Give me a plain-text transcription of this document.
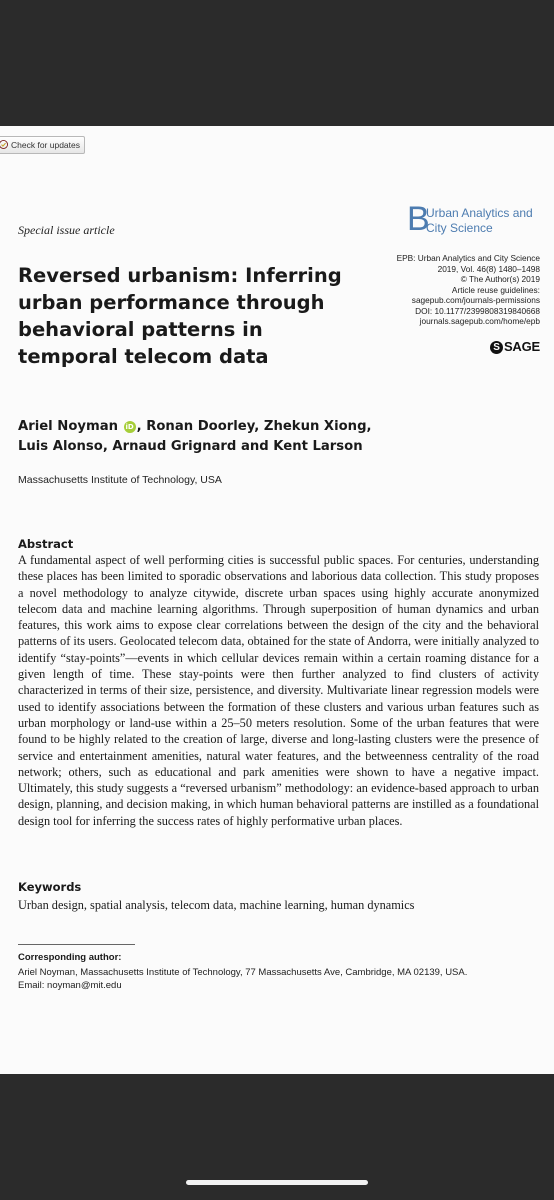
Check for updates
Special issue article	B
Urban Analytics and
City Science
Reversed urbanism: Inferring urban performance through behavioral patterns in temporal telecom data
EPB: Urban Analytics and City Science
2019, Vol. 46(8) 1480–1498
© The Author(s) 2019
Article reuse guidelines:
sagepub.com/journals-permissions
DOI: 10.1177/2399808319840668
journals.sagepub.com/home/epb
S SAGE
Ariel Noyman iD , Ronan Doorley, Zhekun Xiong, Luis Alonso, Arnaud Grignard and Kent Larson
Massachusetts Institute of Technology, USA
Abstract

A fundamental aspect of well performing cities is successful public spaces. For centuries, understanding these places has been limited to sporadic observations and laborious data collection. This study proposes a novel methodology to analyze citywide, discrete urban spaces using highly accurate anonymized telecom data and machine learning algorithms. Through superposition of human dynamics and urban features, this work aims to expose clear correlations between the design of the city and the behavioral patterns of its users. Geolocated telecom data, obtained for the state of Andorra, were initially analyzed to identify “stay-points”—events in which cellular devices remain within a certain roaming distance for a given length of time. These stay-points were then further analyzed to find clusters of activity characterized in terms of their size, persistence, and diversity. Multivariate linear regression models were used to identify associations between the formation of these clusters and various urban features such as urban morphology or land-use within a 25–50 meters resolution. Some of the urban features that were found to be highly related to the creation of large, diverse and long-lasting clusters were the presence of service and entertainment amenities, natural water features, and the betweenness centrality of the road network; others, such as educational and park amenities were shown to have a negative impact. Ultimately, this study suggests a “reversed urbanism” methodology: an evidence-based approach to urban design, planning, and decision making, in which human behavioral patterns are instilled as a foundational design tool for inferring the success rates of highly performative urban places.

Keywords
Urban design, spatial analysis, telecom data, machine learning, human dynamics
Corresponding author:
Ariel Noyman, Massachusetts Institute of Technology, 77 Massachusetts Ave, Cambridge, MA 02139, USA.
Email: noyman@mit.edu
